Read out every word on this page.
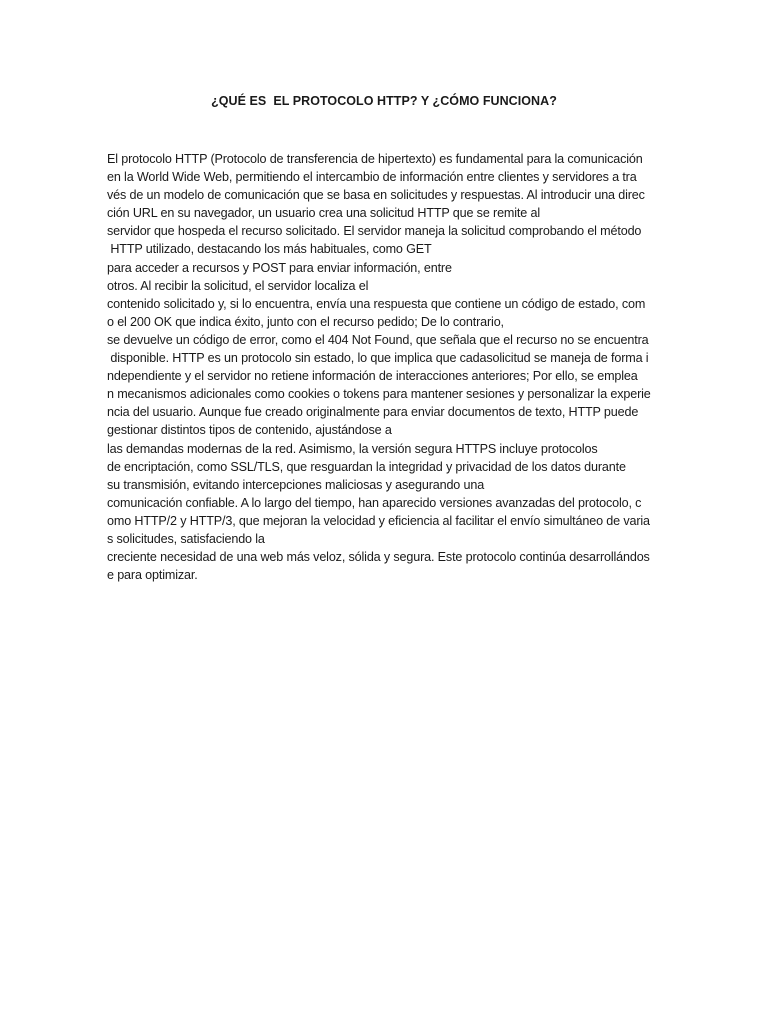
¿QUÉ ES  EL PROTOCOLO HTTP? Y ¿CÓMO FUNCIONA?
El protocolo HTTP (Protocolo de transferencia de hipertexto) es fundamental para la comunicación
en la World Wide Web, permitiendo el intercambio de información entre clientes y servidores a tra
vés de un modelo de comunicación que se basa en solicitudes y respuestas. Al introducir una direc
ción URL en su navegador, un usuario crea una solicitud HTTP que se remite al
servidor que hospeda el recurso solicitado. El servidor maneja la solicitud comprobando el método
HTTP utilizado, destacando los más habituales, como GET
para acceder a recursos y POST para enviar información, entre
otros. Al recibir la solicitud, el servidor localiza el
contenido solicitado y, si lo encuentra, envía una respuesta que contiene un código de estado, com
o el 200 OK que indica éxito, junto con el recurso pedido; De lo contrario,
se devuelve un código de error, como el 404 Not Found, que señala que el recurso no se encuentra
disponible. HTTP es un protocolo sin estado, lo que implica que cadasolicitud se maneja de forma i
ndependiente y el servidor no retiene información de interacciones anteriores; Por ello, se emplea
n mecanismos adicionales como cookies o tokens para mantener sesiones y personalizar la experie
ncia del usuario. Aunque fue creado originalmente para enviar documentos de texto, HTTP puede
gestionar distintos tipos de contenido, ajustándose a
las demandas modernas de la red. Asimismo, la versión segura HTTPS incluye protocolos
de encriptación, como SSL/TLS, que resguardan la integridad y privacidad de los datos durante
su transmisión, evitando intercepciones maliciosas y asegurando una
comunicación confiable. A lo largo del tiempo, han aparecido versiones avanzadas del protocolo, c
omo HTTP/2 y HTTP/3, que mejoran la velocidad y eficiencia al facilitar el envío simultáneo de varia
s solicitudes, satisfaciendo la
creciente necesidad de una web más veloz, sólida y segura. Este protocolo continúa desarrollándos
e para optimizar.
